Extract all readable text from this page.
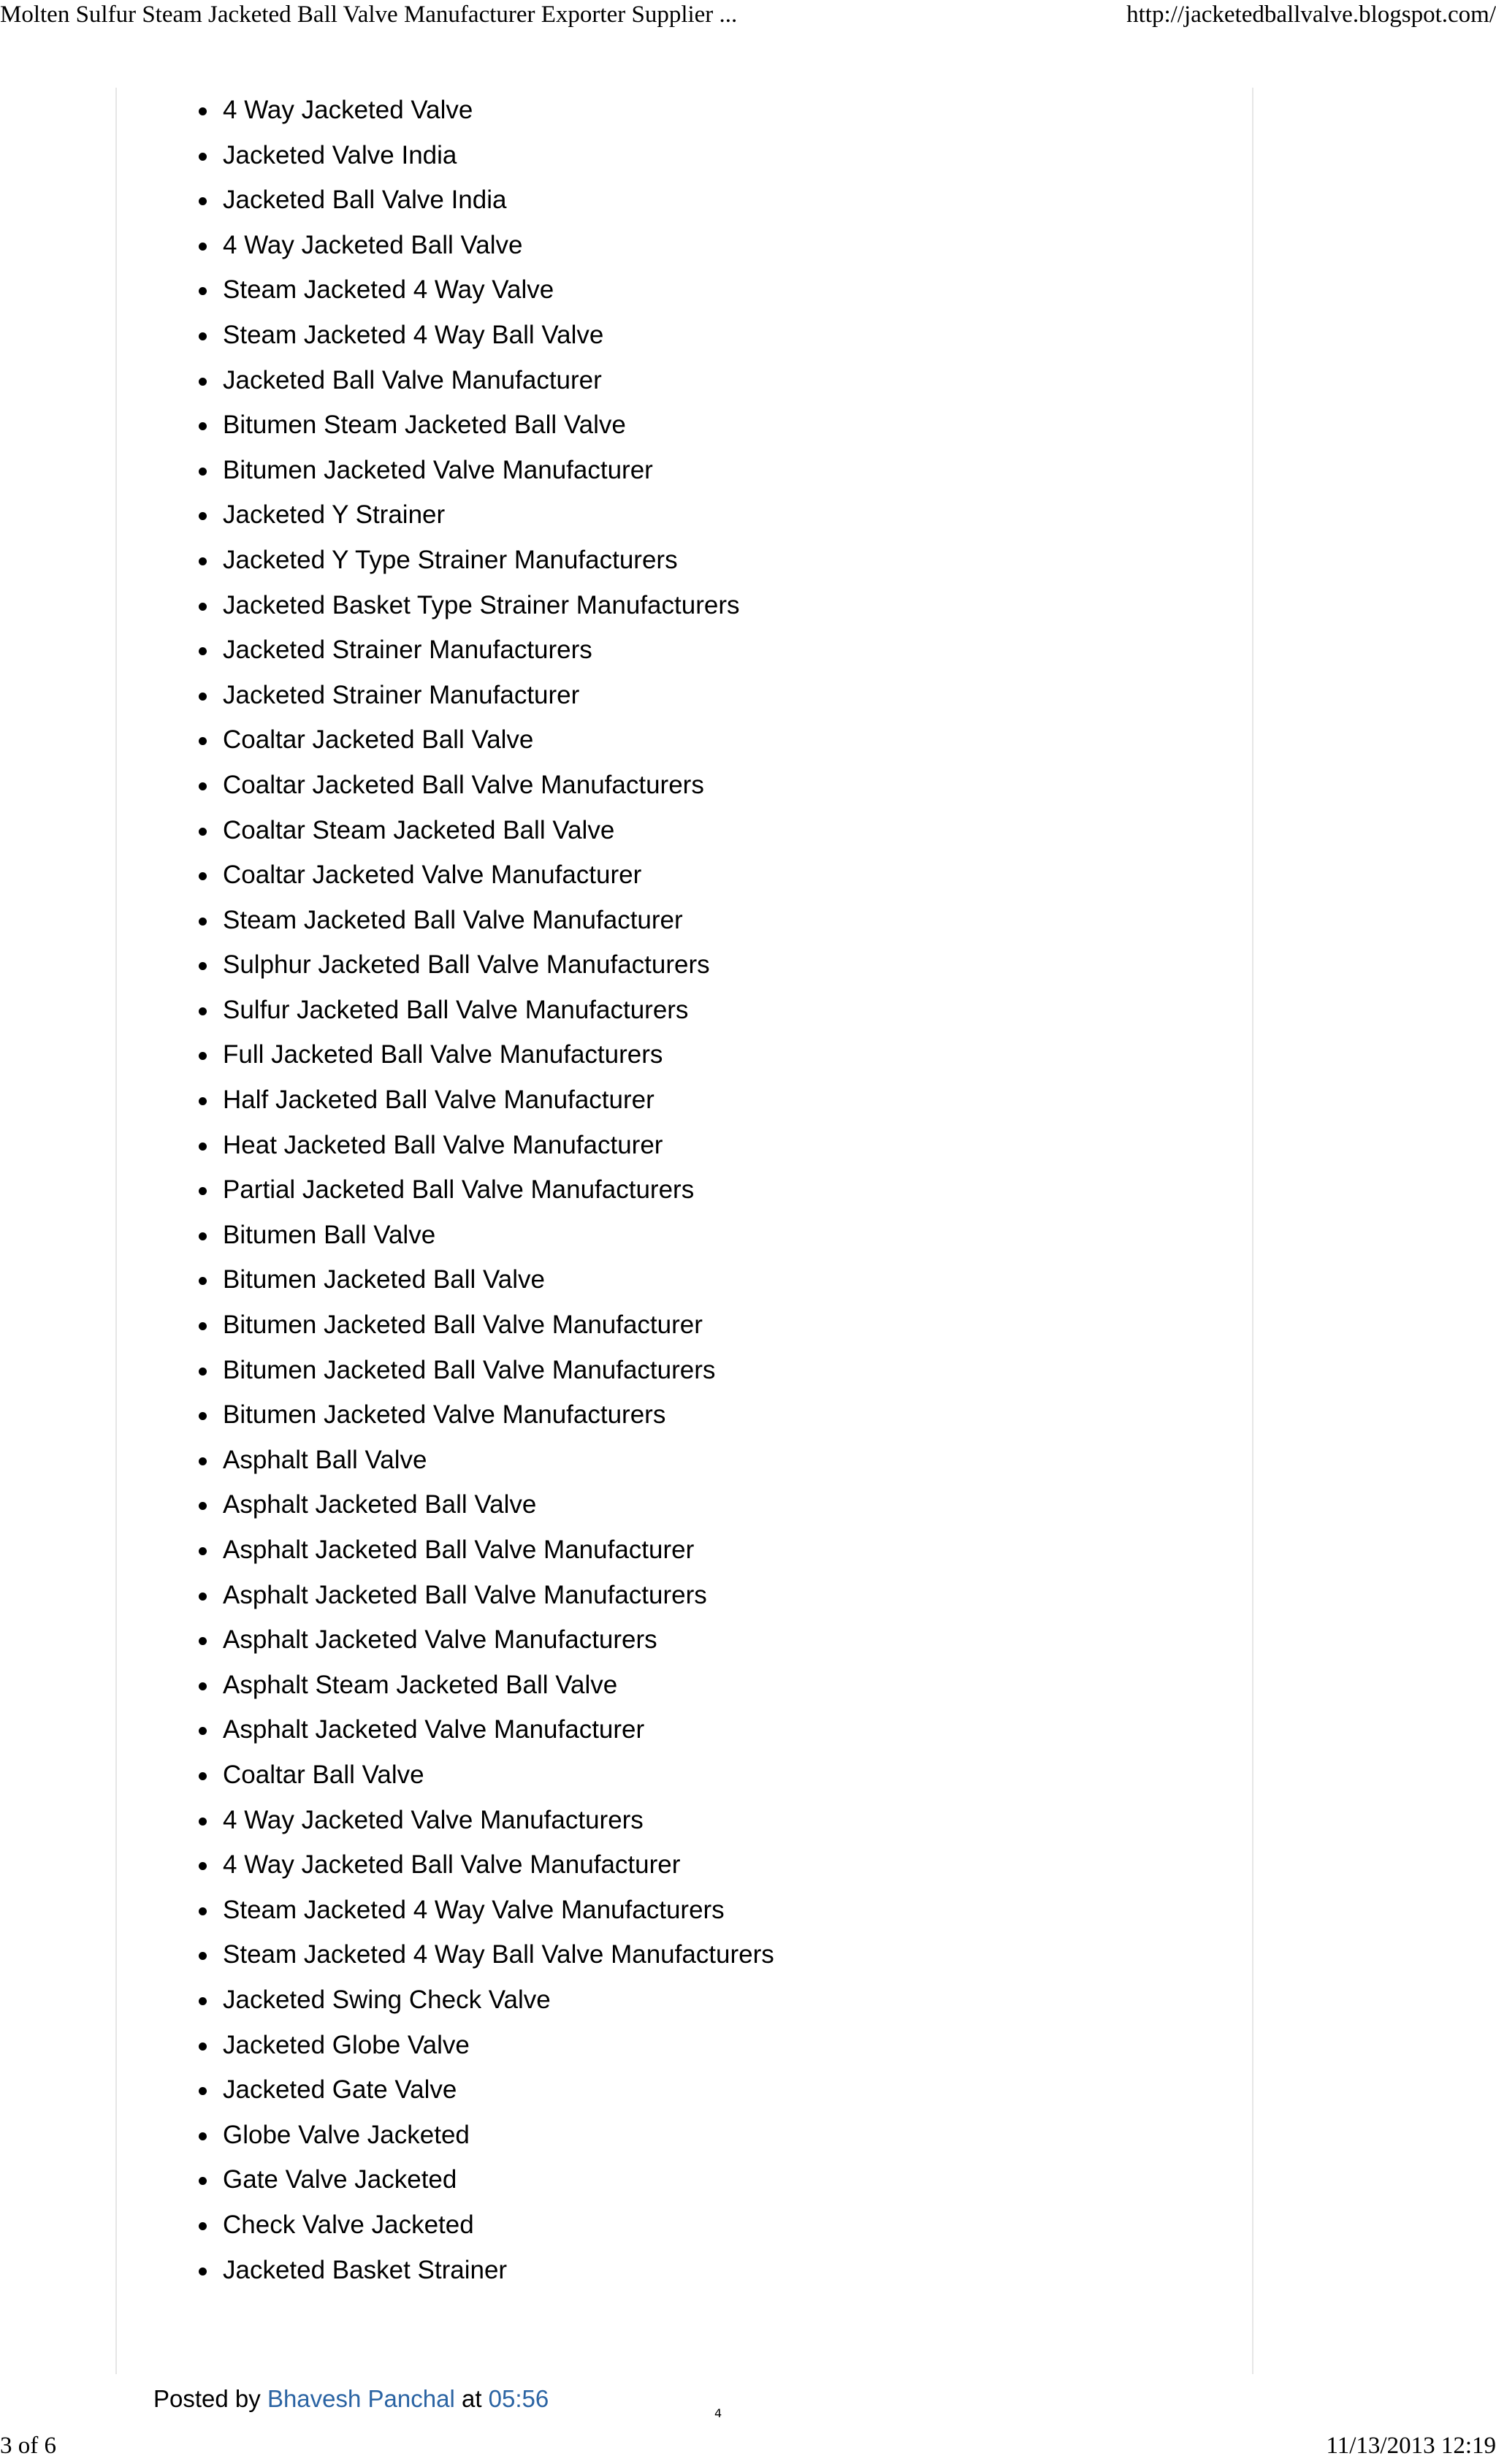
Molten Sulfur Steam Jacketed Ball Valve Manufacturer Exporter Supplier ...	http://jacketedballvalve.blogspot.com/
4 Way Jacketed Valve
Jacketed Valve India
Jacketed Ball Valve India
4 Way Jacketed Ball Valve
Steam Jacketed 4 Way Valve
Steam Jacketed 4 Way Ball Valve
Jacketed Ball Valve Manufacturer
Bitumen Steam Jacketed Ball Valve
Bitumen Jacketed Valve Manufacturer
Jacketed Y Strainer
Jacketed Y Type Strainer Manufacturers
Jacketed Basket Type Strainer Manufacturers
Jacketed Strainer Manufacturers
Jacketed Strainer Manufacturer
Coaltar Jacketed Ball Valve
Coaltar Jacketed Ball Valve Manufacturers
Coaltar Steam Jacketed Ball Valve
Coaltar Jacketed Valve Manufacturer
Steam Jacketed Ball Valve Manufacturer
Sulphur Jacketed Ball Valve Manufacturers
Sulfur Jacketed Ball Valve Manufacturers
Full Jacketed Ball Valve Manufacturers
Half Jacketed Ball Valve Manufacturer
Heat Jacketed Ball Valve Manufacturer
Partial Jacketed Ball Valve Manufacturers
Bitumen Ball Valve
Bitumen Jacketed Ball Valve
Bitumen Jacketed Ball Valve Manufacturer
Bitumen Jacketed Ball Valve Manufacturers
Bitumen Jacketed Valve Manufacturers
Asphalt Ball Valve
Asphalt Jacketed Ball Valve
Asphalt Jacketed Ball Valve Manufacturer
Asphalt Jacketed Ball Valve Manufacturers
Asphalt Jacketed Valve Manufacturers
Asphalt Steam Jacketed Ball Valve
Asphalt Jacketed Valve Manufacturer
Coaltar Ball Valve
4 Way Jacketed Valve Manufacturers
4 Way Jacketed Ball Valve Manufacturer
Steam Jacketed 4 Way Valve Manufacturers
Steam Jacketed 4 Way Ball Valve Manufacturers
Jacketed Swing Check Valve
Jacketed Globe Valve
Jacketed Gate Valve
Globe Valve Jacketed
Gate Valve Jacketed
Check Valve Jacketed
Jacketed Basket Strainer
Posted by Bhavesh Panchal at 05:56
4
3 of 6	11/13/2013 12:19
